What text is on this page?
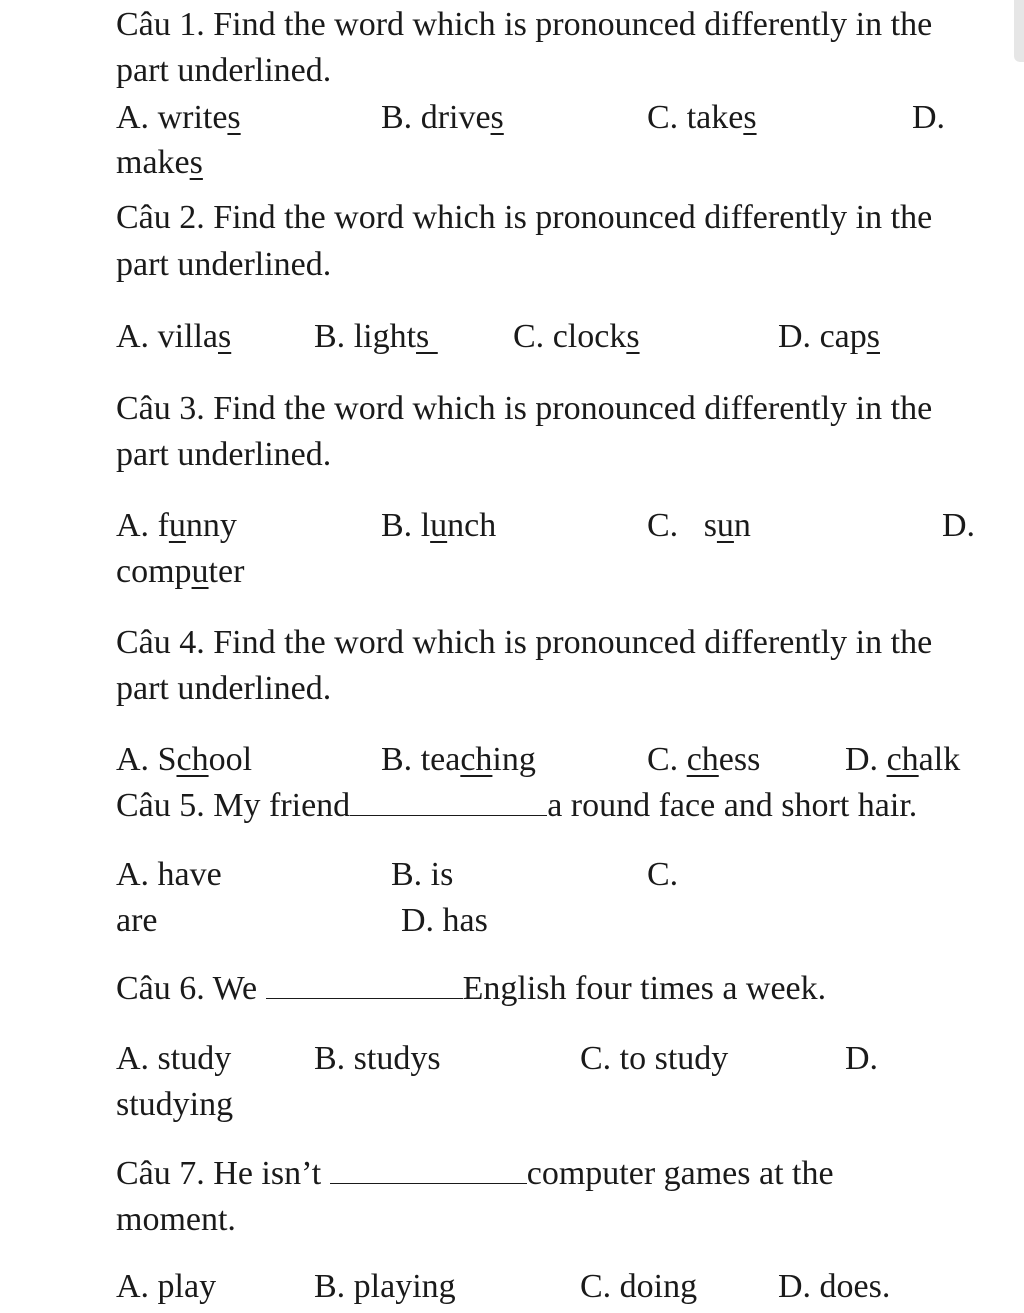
Câu 1. Find the word which is pronounced differently in the
part underlined.
A. writes	B. drives	C. takes	D.
makes
Câu 2. Find the word which is pronounced differently in the
part underlined.
A. villas B. lights C. clocks	D. caps
Câu 3. Find the word which is pronounced differently in the
part underlined.
A. funny	B. lunch	C.   sun	D.
computer
Câu 4. Find the word which is pronounced differently in the
part underlined.
A. School	B. teaching	C. chess D. chalk
Câu 5. My friend	a round face and short hair.
A. have	B. is	C.
are	D. has
Câu 6. We	English four times a week.
A. study B. studys	C. to study	D.
studying
Câu 7. He isn’t	computer games at the
moment.
A. play	B. playing	C. doing D. does.
